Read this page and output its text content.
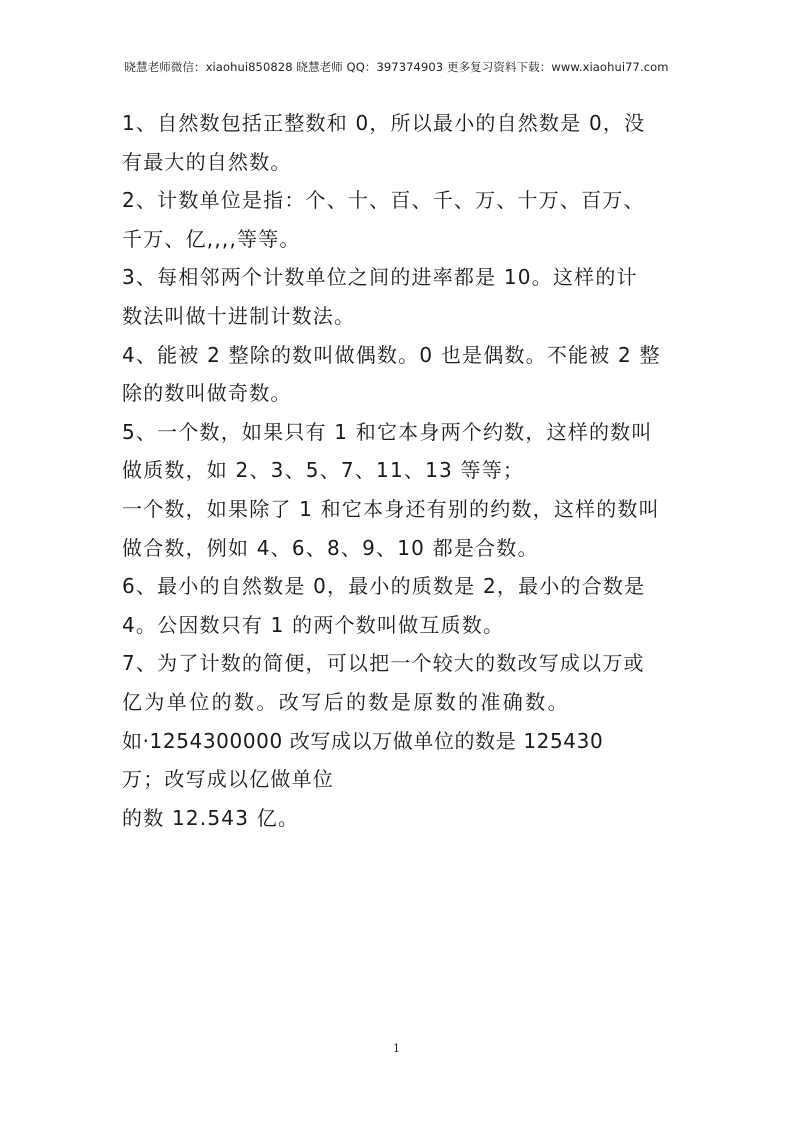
晓慧老师微信：xiaohui850828 晓慧老师 QQ：397374903 更多复习资料下载：www.xiaohui77.com
1、自然数包括正整数和 0，所以最小的自然数是 0，没
有最大的自然数。
2、计数单位是指：个、十、百、千、万、十万、百万、
千万、亿,,,,等等。
3、每相邻两个计数单位之间的进率都是 10。这样的计
数法叫做十进制计数法。
4、能被 2 整除的数叫做偶数。0 也是偶数。不能被 2 整
除的数叫做奇数。
5、一个数，如果只有 1 和它本身两个约数，这样的数叫
做质数，如 2、3、5、7、11、13 等等；
一个数，如果除了 1 和它本身还有别的约数，这样的数叫
做合数，例如 4、6、8、9、10 都是合数。
6、最小的自然数是 0，最小的质数是 2，最小的合数是
4。公因数只有 1 的两个数叫做互质数。
7、为了计数的简便，可以把一个较大的数改写成以万或
亿为单位的数。改写后的数是原数的准确数。
如·1254300000 改写成以万做单位的数是 125430
万；改写成以亿做单位
的数 12.543 亿。
1
